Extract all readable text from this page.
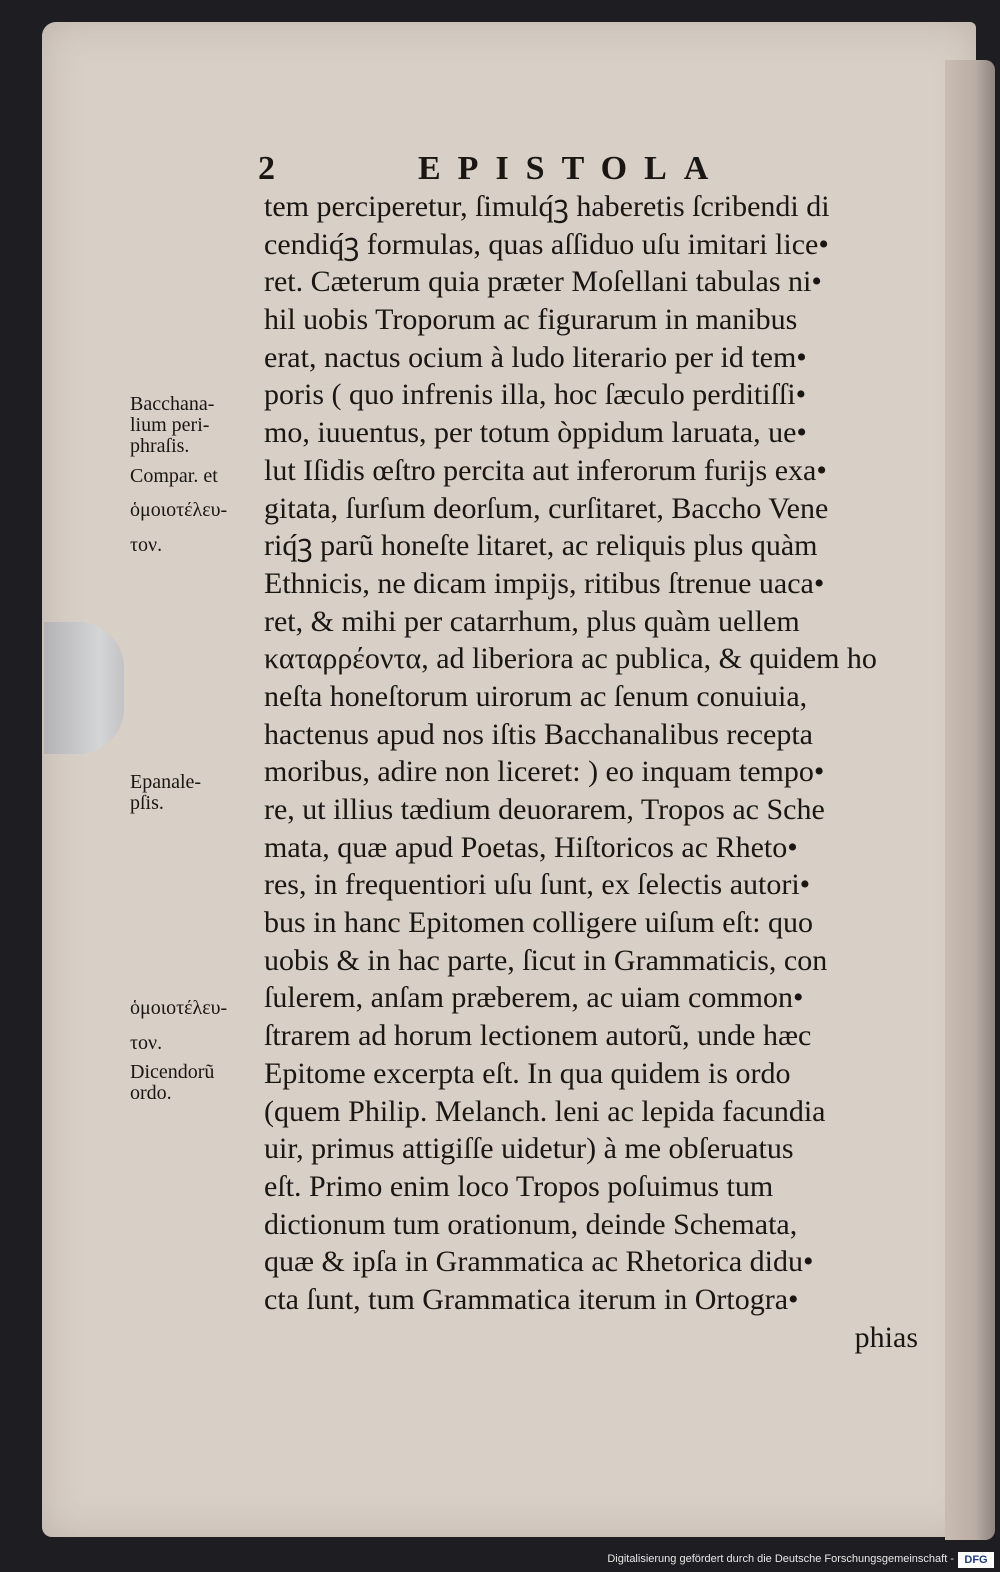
2	EPISTOLA
tem perciperetur, ſimulq́ꝫ haberetis ſcribendi di
cendiq́ꝫ formulas, quas aſſiduo uſu imitari lice•
ret. Cæterum quia præter Moſellani tabulas ni•
hil uobis Troporum ac figurarum in manibus
erat, nactus ocium à ludo literario per id tem•
poris ( quo infrenis illa, hoc ſæculo perditiſſi•
mo, iuuentus, per totum òppidum laruata, ue•
lut Iſidis œſtro percita aut inferorum furijs exa•
gitata, ſurſum deorſum, curſitaret, Baccho Vene
riq́ꝫ parũ honeſte litaret, ac reliquis plus quàm
Ethnicis, ne dicam impijs, ritibus ſtrenue uaca•
ret, & mihi per catarrhum, plus quàm uellem
καταρρέοντα, ad liberiora ac publica, & quidem ho
neſta honeſtorum uirorum ac ſenum conuiuia,
hactenus apud nos iſtis Bacchanalibus recepta
moribus, adire non liceret: ) eo inquam tempo•
re, ut illius tædium deuorarem, Tropos ac Sche
mata, quæ apud Poetas, Hiſtoricos ac Rheto•
res, in frequentiori uſu ſunt, ex ſelectis autori•
bus in hanc Epitomen colligere uiſum eſt: quo
uobis & in hac parte, ſicut in Grammaticis, con
ſulerem, anſam præberem, ac uiam common•
ſtrarem ad horum lectionem autorũ, unde hæc
Epitome excerpta eſt. In qua quidem is ordo
(quem Philip. Melanch. leni ac lepida facundia
uir, primus attigiſſe uidetur) à me obſeruatus
eſt. Primo enim loco Tropos poſuimus tum
dictionum tum orationum, deinde Schemata,
quæ & ipſa in Grammatica ac Rhetorica didu•
cta ſunt, tum Grammatica iterum in Ortogra•
phias
Bacchana-
lium peri-
phraſis.
Compar. et
ὁμοιοτέλευ-
τον.
Epanale-
pſis.
ὁμοιοτέλευ-
τον.
Dicendorũ
ordo.
Digitalisierung gefördert durch die Deutsche Forschungsgemeinschaft - DFG
